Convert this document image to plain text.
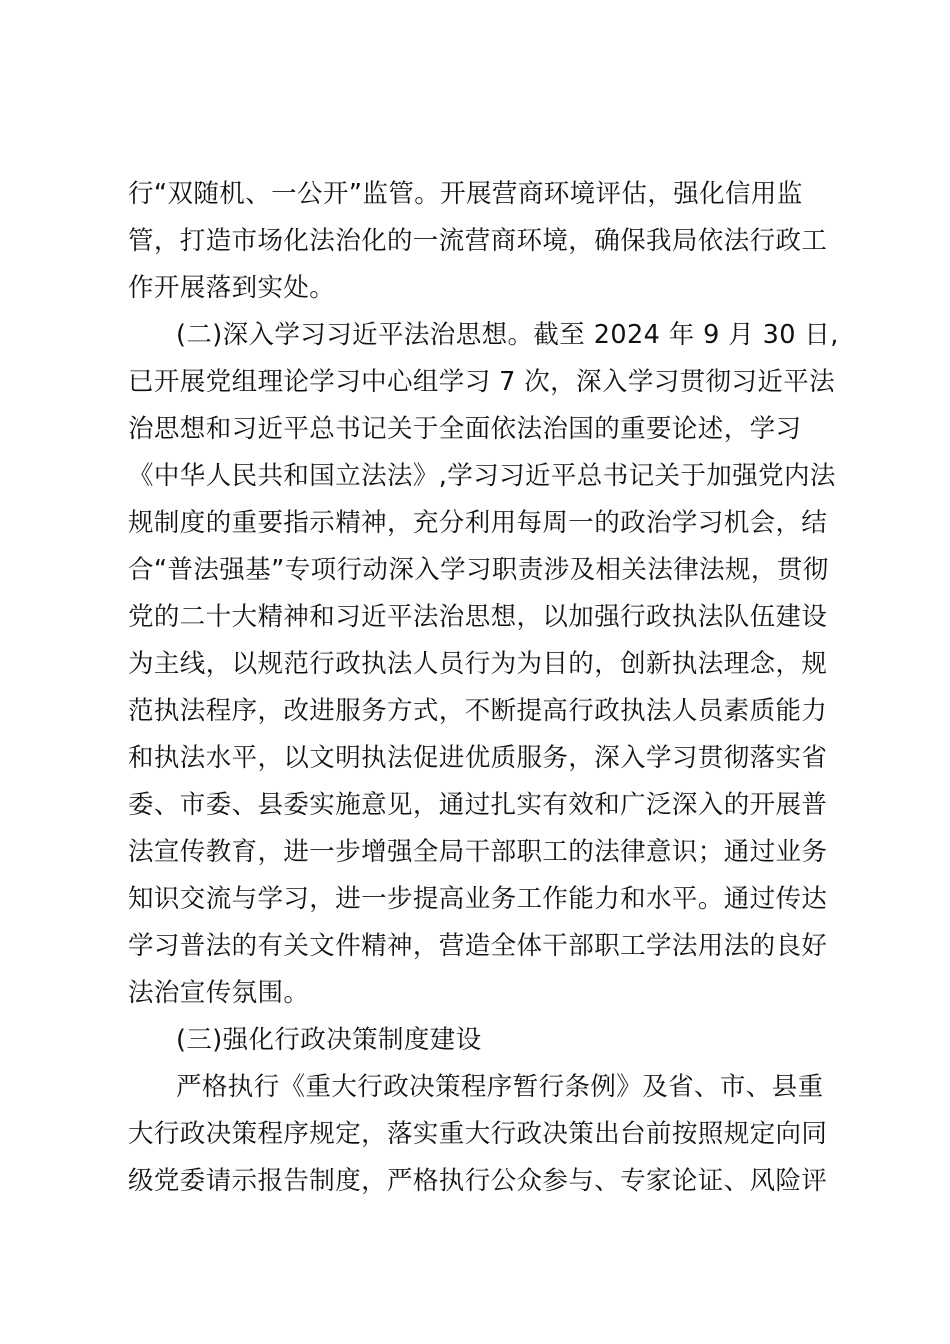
行“双随机、一公开”监管。开展营商环境评估，强化信用监
管，打造市场化法治化的一流营商环境，确保我局依法行政工
作开展落到实处。
(二)深入学习习近平法治思想。截至 2024 年 9 月 30 日,
已开展党组理论学习中心组学习 7 次，深入学习贯彻习近平法
治思想和习近平总书记关于全面依法治国的重要论述，学习
《中华人民共和国立法法》,学习习近平总书记关于加强党内法
规制度的重要指示精神，充分利用每周一的政治学习机会，结
合“普法强基”专项行动深入学习职责涉及相关法律法规，贯彻
党的二十大精神和习近平法治思想，以加强行政执法队伍建设
为主线，以规范行政执法人员行为为目的，创新执法理念，规
范执法程序，改进服务方式，不断提高行政执法人员素质能力
和执法水平，以文明执法促进优质服务，深入学习贯彻落实省
委、市委、县委实施意见，通过扎实有效和广泛深入的开展普
法宣传教育，进一步增强全局干部职工的法律意识；通过业务
知识交流与学习，进一步提高业务工作能力和水平。通过传达
学习普法的有关文件精神，营造全体干部职工学法用法的良好
法治宣传氛围。
(三)强化行政决策制度建设
严格执行《重大行政决策程序暂行条例》及省、市、县重
大行政决策程序规定，落实重大行政决策出台前按照规定向同
级党委请示报告制度，严格执行公众参与、专家论证、风险评
